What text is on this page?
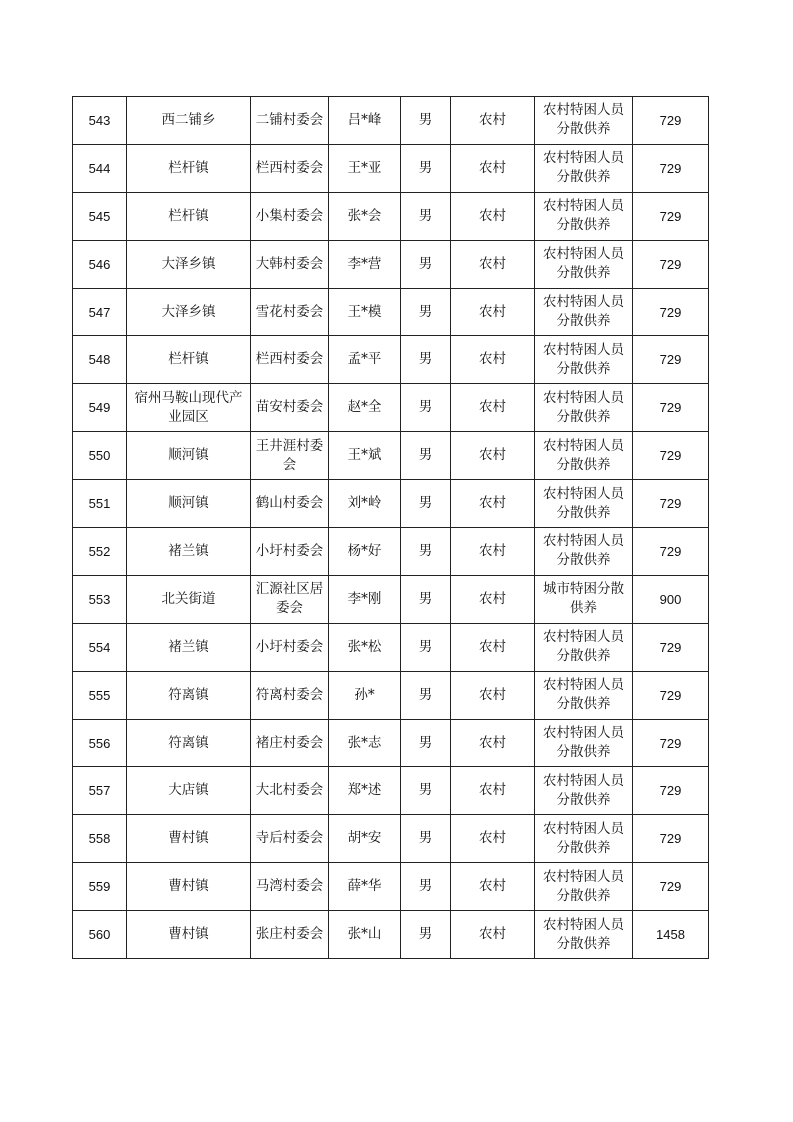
543	西二铺乡	二铺村委会	吕*峰	男	农村	农村特困人员分散供养	729
544	栏杆镇	栏西村委会	王*亚	男	农村	农村特困人员分散供养	729
545	栏杆镇	小集村委会	张*会	男	农村	农村特困人员分散供养	729
546	大泽乡镇	大韩村委会	李*营	男	农村	农村特困人员分散供养	729
547	大泽乡镇	雪花村委会	王*模	男	农村	农村特困人员分散供养	729
548	栏杆镇	栏西村委会	孟*平	男	农村	农村特困人员分散供养	729
549	宿州马鞍山现代产业园区	苗安村委会	赵*全	男	农村	农村特困人员分散供养	729
550	顺河镇	王井涯村委会	王*斌	男	农村	农村特困人员分散供养	729
551	顺河镇	鹤山村委会	刘*岭	男	农村	农村特困人员分散供养	729
552	褚兰镇	小圩村委会	杨*好	男	农村	农村特困人员分散供养	729
553	北关街道	汇源社区居委会	李*刚	男	农村	城市特困分散供养	900
554	褚兰镇	小圩村委会	张*松	男	农村	农村特困人员分散供养	729
555	符离镇	符离村委会	孙*	男	农村	农村特困人员分散供养	729
556	符离镇	褚庄村委会	张*志	男	农村	农村特困人员分散供养	729
557	大店镇	大北村委会	郑*述	男	农村	农村特困人员分散供养	729
558	曹村镇	寺后村委会	胡*安	男	农村	农村特困人员分散供养	729
559	曹村镇	马湾村委会	薛*华	男	农村	农村特困人员分散供养	729
560	曹村镇	张庄村委会	张*山	男	农村	农村特困人员分散供养	1458
